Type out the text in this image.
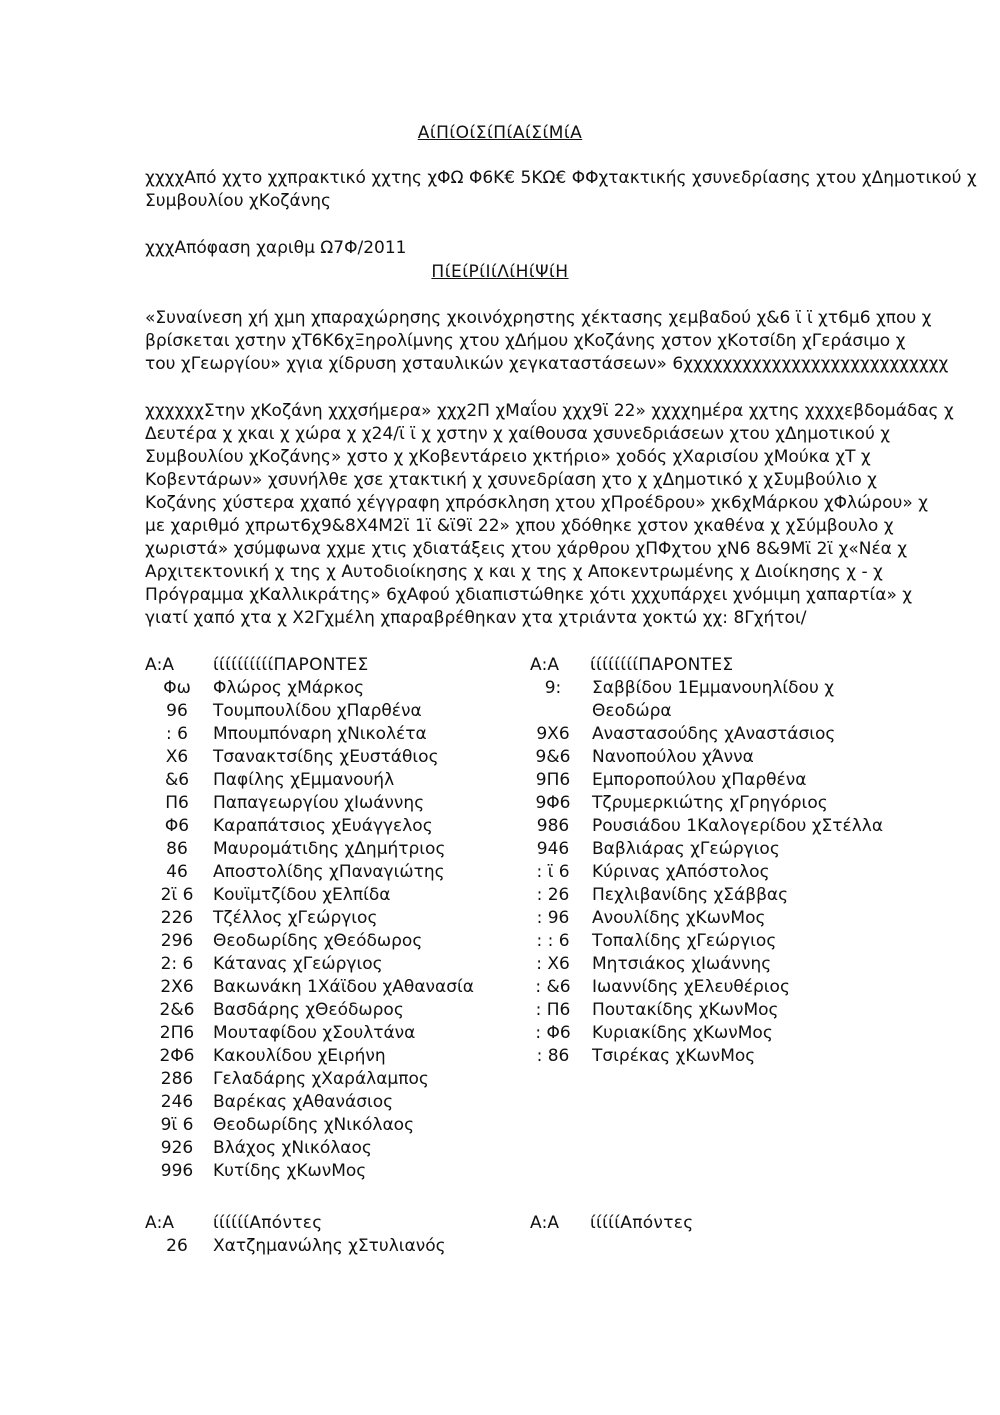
ΑίΠίΟίΣίΠίΑίΣίΜίΑ
χχχχΑπό χχτο χχπρακτικό χχτης χΦΩ Φ6Κ€ 5ΚΩ€ ΦΦχτακτικής χσυνεδρίασης χτου χΔημοτικού χ
Συμβουλίου χΚοζάνης
χχχΑπόφαση χαριθμ Ω7Φ/2011
ΠίΕίΡίΙίΛίΗίΨίΗ
«Συναίνεση χή χμη χπαραχώρησης χκοινόχρηστης χέκτασης χεμβαδού χ&6 ϊ ϊ χτ6μ6 χπου χ
βρίσκεται χστην χΤ6Κ6χΞηρολίμνης χτου χΔήμου χΚοζάνης χστον χΚοτσίδη χΓεράσιμο χ
του χΓεωργίου» χγια χίδρυση χσταυλικών χεγκαταστάσεων» 6χχχχχχχχχχχχχχχχχχχχχχχχχχχ
χχχχχχΣτην χΚοζάνη χχχσήμερα» χχχ2Π χΜαΐου χχχ9ϊ 22» χχχχημέρα χχτης χχχχεβδομάδας χ
Δευτέρα χ χκαι χ χώρα χ χ24/ϊ ϊ χ χστην χ χαίθουσα χσυνεδριάσεων χτου χΔημοτικού χ
Συμβουλίου χΚοζάνης» χστο χ χΚοβεντάρειο χκτήριο» χοδός χΧαρισίου χΜούκα χΤ χ
Κοβεντάρων» χσυνήλθε χσε χτακτική χ χσυνεδρίαση χτο χ χΔημοτικό χ χΣυμβούλιο χ
Κοζάνης χύστερα χχαπό χέγγραφη χπρόσκληση χτου χΠροέδρου» χκ6χΜάρκου χΦλώρου» χ
με χαριθμό χπρωτ6χ9&8Χ4Μ2ϊ 1ϊ &ϊ9ϊ 22» χπου χδόθηκε χστον χκαθένα χ χΣύμβουλο χ
χωριστά» χσύμφωνα χχμε χτις χδιατάξεις χτου χάρθρου χΠΦχτου χΝ6 8&9Μϊ 2ϊ χ«Νέα χ
Αρχιτεκτονική χ της χ Αυτοδιοίκησης χ και χ της χ Αποκεντρωμένης χ Διοίκησης χ - χ
Πρόγραμμα χΚαλλικράτης» 6χΑφού χδιαπιστώθηκε χότι χχχυπάρχει χνόμιμη χαπαρτία» χ
γιατί χαπό χτα χ Χ2Γχμέλη χπαραβρέθηκαν χτα χτριάντα χοκτώ χχ: 8Γχήτοι/
Α:Α ίίίίίίίίίίΠΑΡΟΝΤΕΣ
Φω	Φλώρος χΜάρκος
96	Τουμπουλίδου χΠαρθένα
: 6	Μπουμπόναρη χΝικολέτα
Χ6	Τσανακτσίδης χΕυστάθιος
&6	Παφίλης χΕμμανουήλ
Π6	Παπαγεωργίου χΙωάννης
Φ6	Καραπάτσιος χΕυάγγελος
86	Μαυρομάτιδης χΔημήτριος
46	Αποστολίδης χΠαναγιώτης
2ϊ 6	Κουϊμτζίδου χΕλπίδα
226	Τζέλλος χΓεώργιος
296	Θεοδωρίδης χΘεόδωρος
2: 6	Κάτανας χΓεώργιος
2Χ6	Βακωνάκη 1Χάϊδου χΑθανασία
2&6	Βασδάρης χΘεόδωρος
2Π6	Μουταφίδου χΣουλτάνα
2Φ6	Κακουλίδου χΕιρήνη
286	Γελαδάρης χΧαράλαμπος
246	Βαρέκας χΑθανάσιος
9ϊ 6	Θεοδωρίδης χΝικόλαος
926	Βλάχος χΝικόλαος
996	Κυτίδης χΚωνΜος
Α:Α ίίίίίίίίΠΑΡΟΝΤΕΣ
9:	Σαββίδου 1Εμμανουηλίδου χ
Θεοδώρα
9Χ6	Αναστασούδης χΑναστάσιος
9&6	Νανοπούλου χΆννα
9Π6	Εμποροπούλου χΠαρθένα
9Φ6	Τζρυμερκιώτης χΓρηγόριος
986	Ρουσιάδου 1Καλογερίδου χΣτέλλα
946	Βαβλιάρας χΓεώργιος
: ϊ 6	Κύρινας χΑπόστολος
: 26	Πεχλιβανίδης χΣάββας
: 96	Ανουλίδης χΚωνΜος
: : 6	Τοπαλίδης χΓεώργιος
: Χ6	Μητσιάκος χΙωάννης
: &6	Ιωαννίδης χΕλευθέριος
: Π6	Πουτακίδης χΚωνΜος
: Φ6	Κυριακίδης χΚωνΜος
: 86	Τσιρέκας χΚωνΜος
Α:Α ίίίίίίΑπόντες
26	Χατζημανώλης χΣτυλιανός
Α:Α ίίίίίΑπόντες
